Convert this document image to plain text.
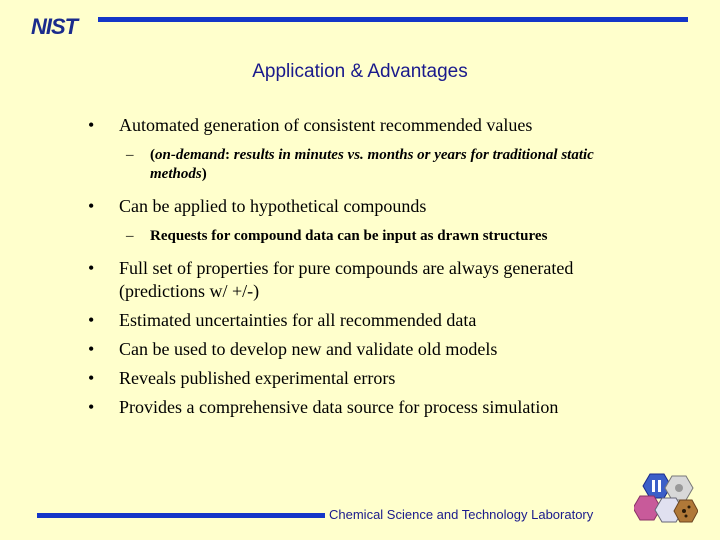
NIST
Application & Advantages
• Automated generation of consistent recommended values
– (on-demand: results in minutes vs. months or years for traditional static methods)
• Can be applied to hypothetical compounds
– Requests for compound data can be input as drawn structures
• Full set of properties for pure compounds are always generated (predictions w/ +/-)
• Estimated uncertainties for all recommended data
• Can be used to develop new and validate old models
• Reveals published experimental errors
• Provides a comprehensive data source for process simulation
Chemical Science and Technology Laboratory
